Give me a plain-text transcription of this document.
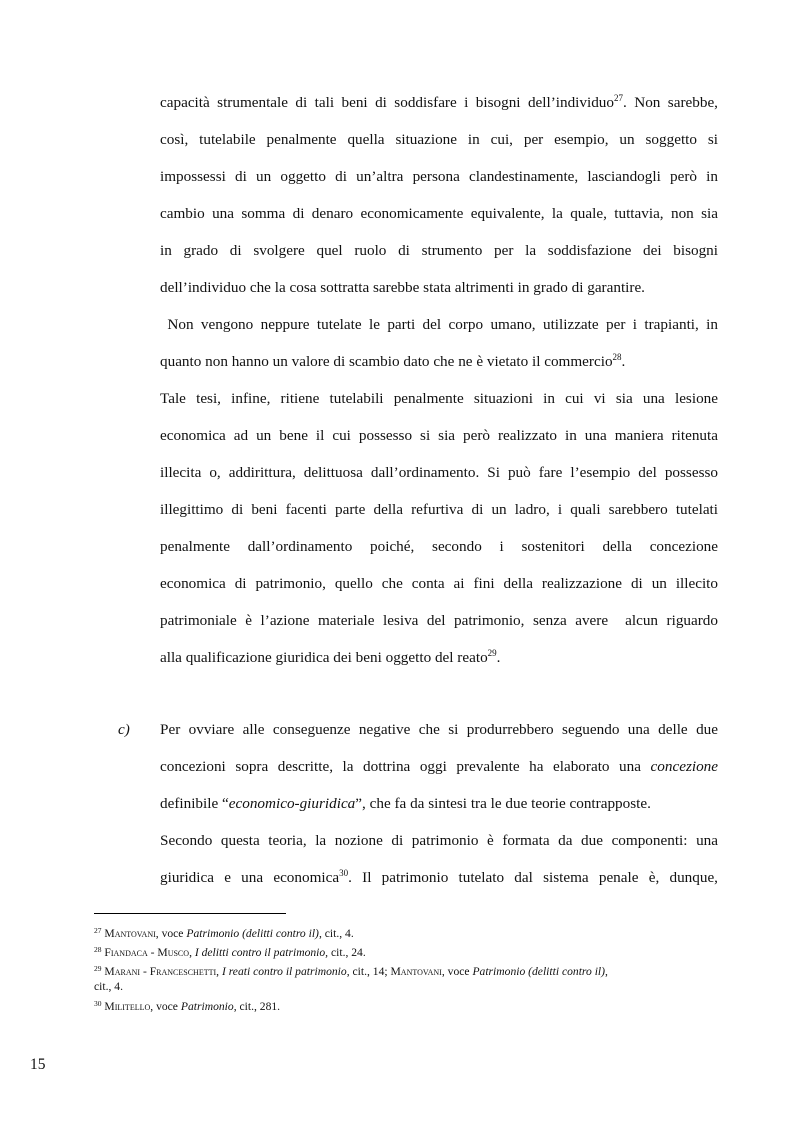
capacità strumentale di tali beni di soddisfare i bisogni dell’individuo$^{27}$. Non sarebbe,
così, tutelabile penalmente quella situazione in cui, per esempio, un soggetto si
impossessi di un oggetto di un’altra persona clandestinamente, lasciandogli però in
cambio una somma di denaro economicamente equivalente, la quale, tuttavia, non sia
in grado di svolgere quel ruolo di strumento per la soddisfazione dei bisogni
dell’individuo che la cosa sottratta sarebbe stata altrimenti in grado di garantire.
Non vengono neppure tutelate le parti del corpo umano, utilizzate per i trapianti, in
quanto non hanno un valore di scambio dato che ne è vietato il commercio$^{28}$.
Tale tesi, infine, ritiene tutelabili penalmente situazioni in cui vi sia una lesione
economica ad un bene il cui possesso si sia però realizzato in una maniera ritenuta
illecita o, addirittura, delittuosa dall’ordinamento. Si può fare l’esempio del possesso
illegittimo di beni facenti parte della refurtiva di un ladro, i quali sarebbero tutelati
penalmente dall’ordinamento poiché, secondo i sostenitori della concezione
economica di patrimonio, quello che conta ai fini della realizzazione di un illecito
patrimoniale è l’azione materiale lesiva del patrimonio, senza avere  alcun riguardo
alla qualificazione giuridica dei beni oggetto del reato$^{29}$.
c) Per ovviare alle conseguenze negative che si produrrebbero seguendo una delle due
concezioni sopra descritte, la dottrina oggi prevalente ha elaborato una concezione
definibile “economico-giuridica”, che fa da sintesi tra le due teorie contrapposte.
Secondo questa teoria, la nozione di patrimonio è formata da due componenti: una
giuridica e una economica$^{30}$. Il patrimonio tutelato dal sistema penale è, dunque,
$^{27}$ Mantovani, voce Patrimonio (delitti contro il), cit., 4.
$^{28}$ Fiandaca - Musco, I delitti contro il patrimonio, cit., 24.
$^{29}$ Marani - Franceschetti, I reati contro il patrimonio, cit., 14; Mantovani, voce Patrimonio (delitti contro il),
cit., 4.
$^{30}$ Militello, voce Patrimonio, cit., 281.
15
